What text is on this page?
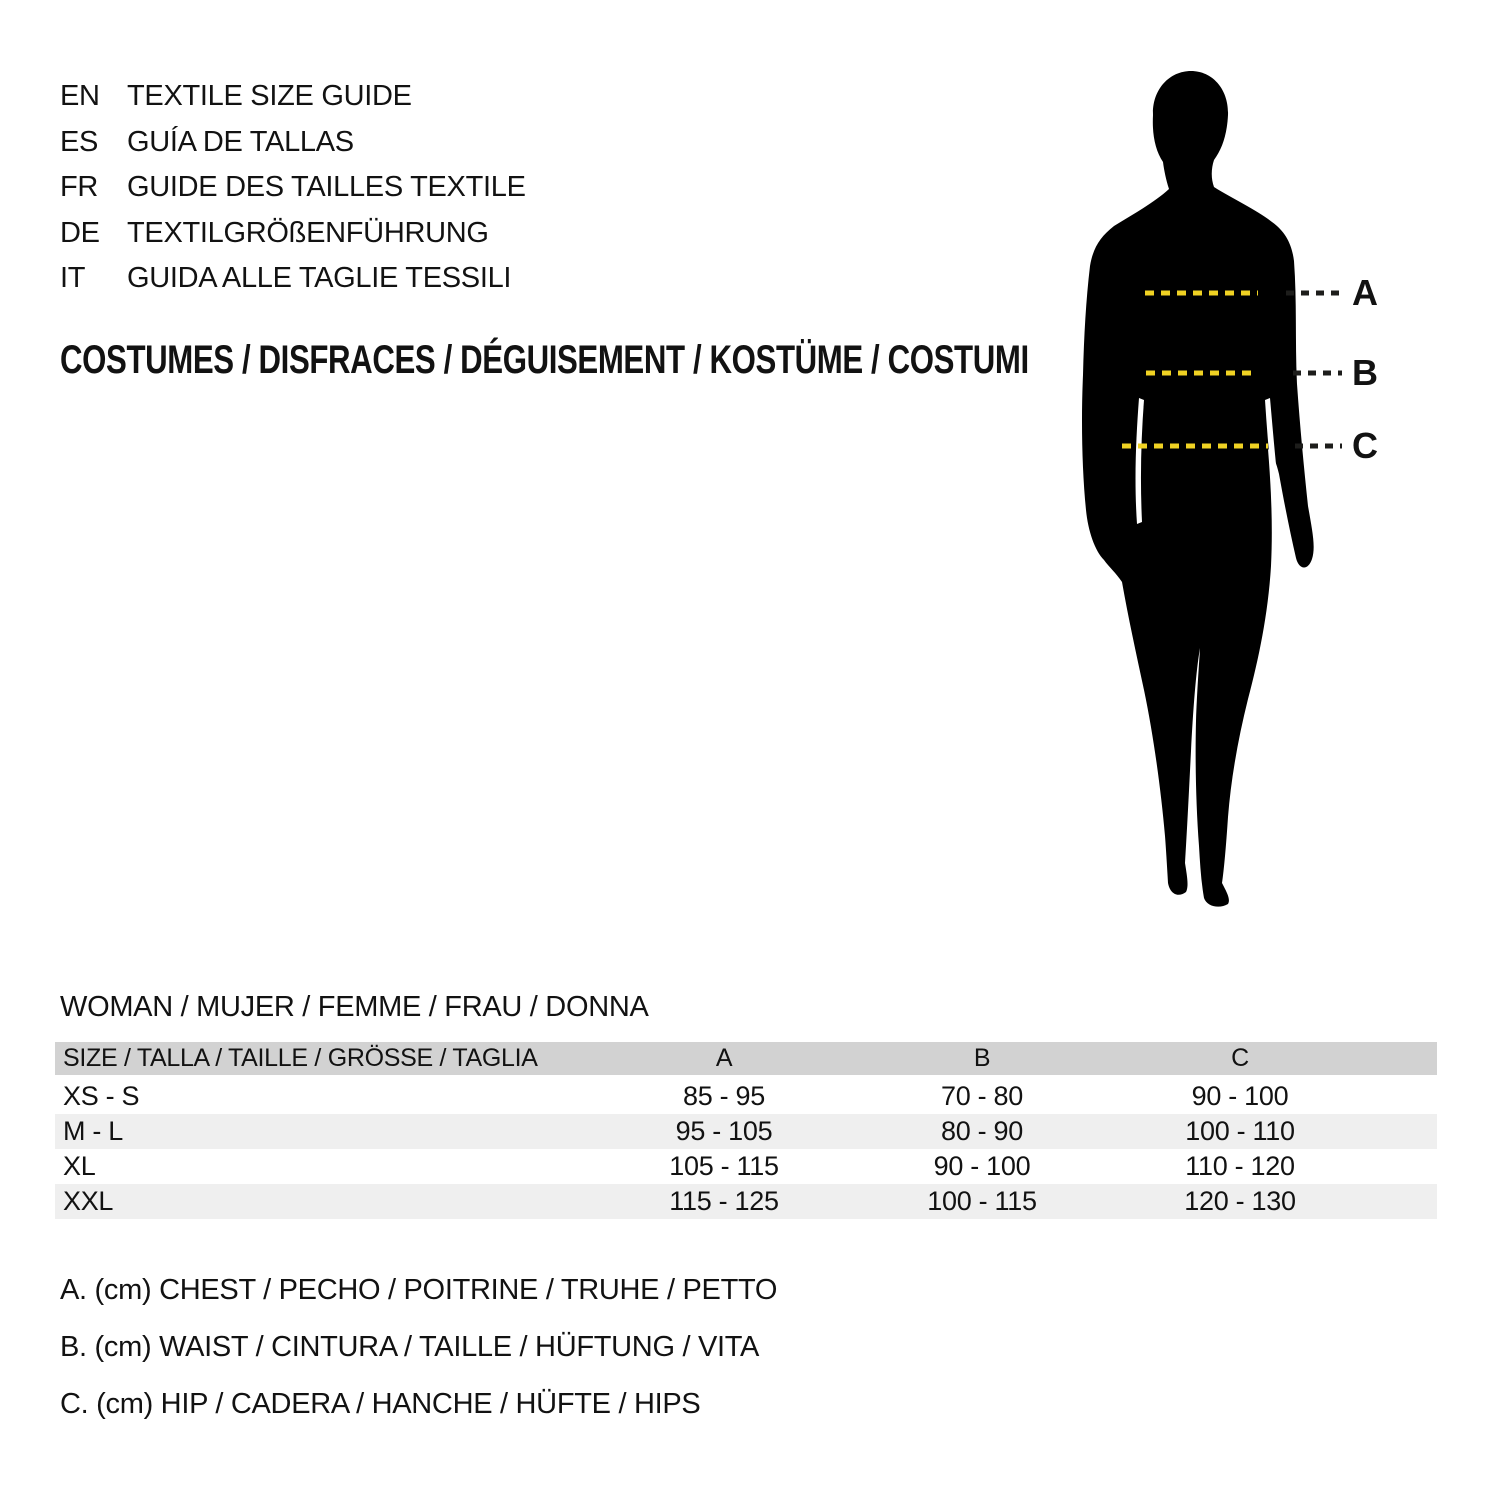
EN TEXTILE SIZE GUIDE
ES GUÍA DE TALLAS
FR GUIDE DES TAILLES TEXTILE
DE TEXTILGRÖßENFÜHRUNG
IT	GUIDA ALLE TAGLIE TESSILI
COSTUMES / DISFRACES / DÉGUISEMENT / KOSTÜME / COSTUMI
A
B
C
WOMAN / MUJER / FEMME / FRAU / DONNA
SIZE / TALLA / TAILLE / GRÖSSE / TAGLIA	A	B	C	
XS - S	85 - 95	70 - 80	90 - 100	
M - L	95 - 105	80 - 90	100 - 110	
XL	105 - 115	90 - 100	110 - 120	
XXL	115 - 125	100 - 115	120 - 130	
A. (cm) CHEST / PECHO / POITRINE / TRUHE / PETTO
B. (cm) WAIST / CINTURA / TAILLE / HÜFTUNG / VITA
C. (cm) HIP / CADERA / HANCHE / HÜFTE / HIPS
